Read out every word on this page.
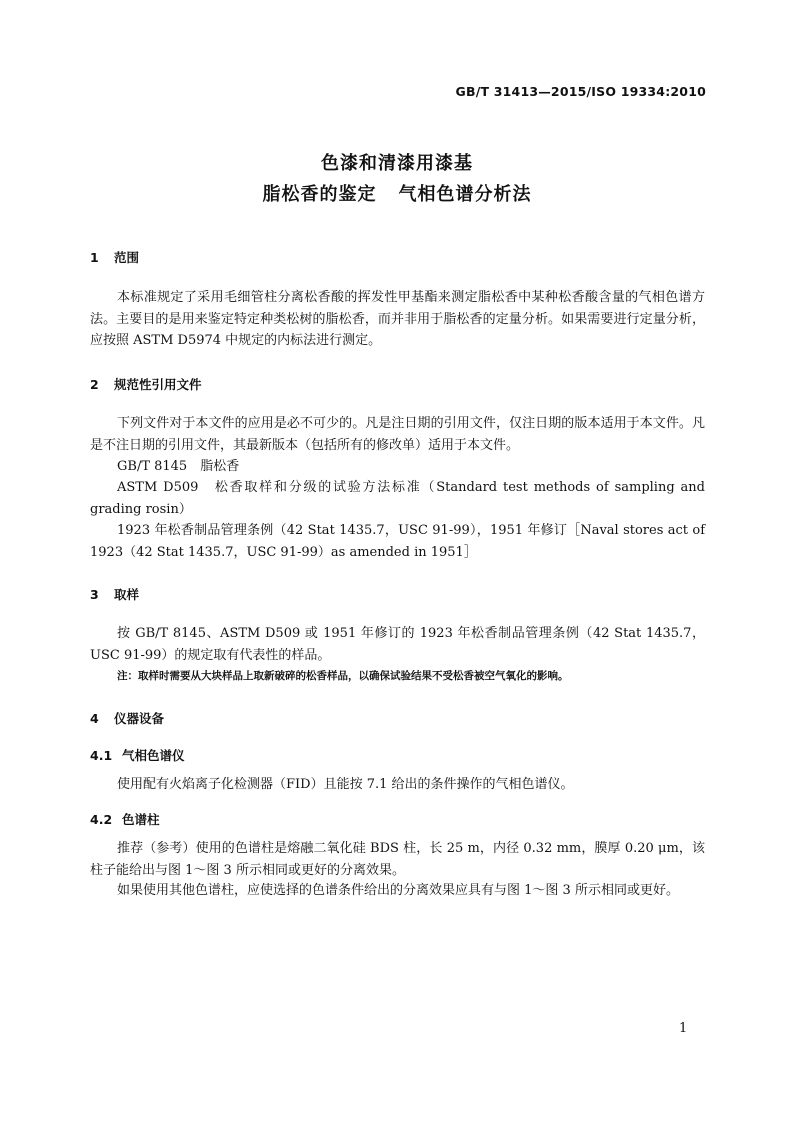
GB/T 31413—2015/ISO 19334:2010
色漆和清漆用漆基
脂松香的鉴定 气相色谱分析法
1 范围
本标准规定了采用毛细管柱分离松香酸的挥发性甲基酯来测定脂松香中某种松香酸含量的气相色谱方法。主要目的是用来鉴定特定种类松树的脂松香，而并非用于脂松香的定量分析。如果需要进行定量分析，应按照 ASTM D5974 中规定的内标法进行测定。
2 规范性引用文件
下列文件对于本文件的应用是必不可少的。凡是注日期的引用文件，仅注日期的版本适用于本文件。凡是不注日期的引用文件，其最新版本（包括所有的修改单）适用于本文件。
GB/T 8145　脂松香
ASTM D509　松香取样和分级的试验方法标准（Standard test methods of sampling and grading rosin）
1923 年松香制品管理条例（42 Stat 1435.7，USC 91-99），1951 年修订［Naval stores act of 1923（42 Stat 1435.7，USC 91-99）as amended in 1951］
3 取样
按 GB/T 8145、ASTM D509 或 1951 年修订的 1923 年松香制品管理条例（42 Stat 1435.7，USC 91-99）的规定取有代表性的样品。
注：取样时需要从大块样品上取新破碎的松香样品，以确保试验结果不受松香被空气氧化的影响。
4 仪器设备
4.1 气相色谱仪
使用配有火焰离子化检测器（FID）且能按 7.1 给出的条件操作的气相色谱仪。
4.2 色谱柱
推荐（参考）使用的色谱柱是熔融二氧化硅 BDS 柱，长 25 m，内径 0.32 mm，膜厚 0.20 μm，该柱子能给出与图 1～图 3 所示相同或更好的分离效果。
如果使用其他色谱柱，应使选择的色谱条件给出的分离效果应具有与图 1～图 3 所示相同或更好。
1
